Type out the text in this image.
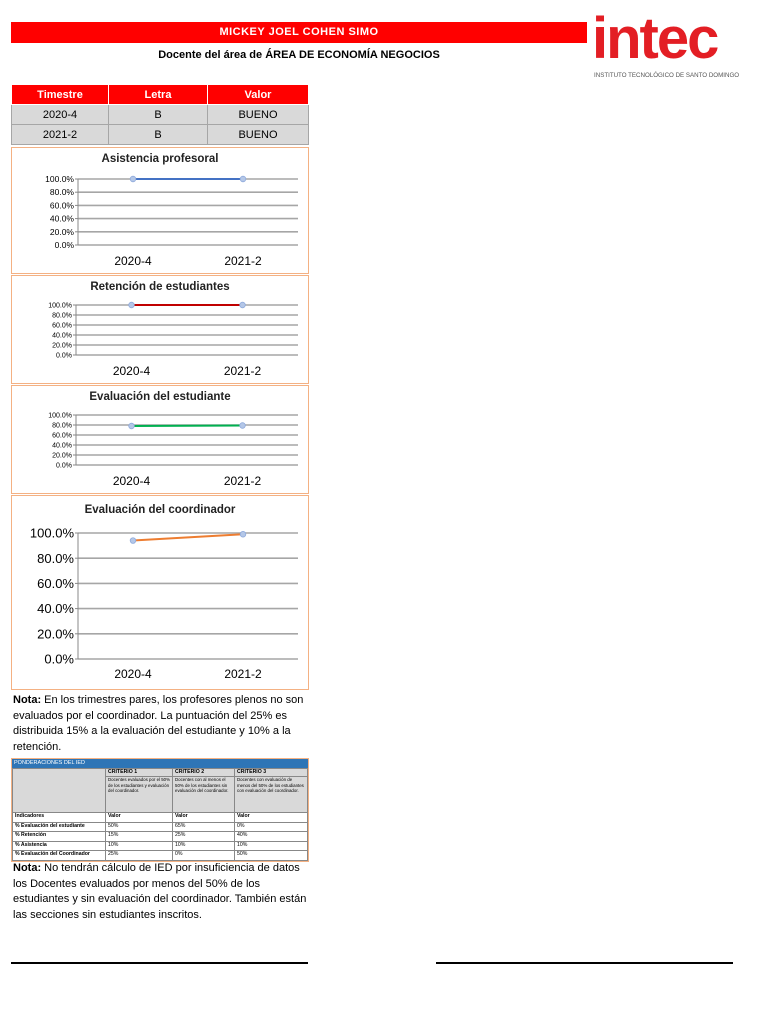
MICKEY JOEL COHEN SIMO
Docente del área de ÁREA DE ECONOMÍA NEGOCIOS	intec
INSTITUTO TECNOLÓGICO DE SANTO DOMINGO
Timestre	Letra	Valor
2020-4	B	BUENO
2021-2	B	BUENO
Asistencia profesoral
0.0%
20.0%
40.0%
60.0%
80.0%
100.0%
2020-4	2021-2
Retención de estudiantes
0.0%
20.0%
40.0%
60.0%
80.0%
100.0%
2020-4	2021-2
Evaluación del estudiante
0.0%
20.0%
40.0%
60.0%
80.0%
100.0%
2020-4	2021-2
Evaluación del coordinador
0.0%
20.0%
40.0%
60.0%
80.0%
100.0%
2020-4	2021-2
Nota: En los trimestres pares, los profesores plenos no son evaluados por el coordinador. La puntuación del 25% es distribuida 15% a la evaluación del estudiante y 10% a la retención.
PONDERACIONES DEL IED
	CRITERIO 1	CRITERIO 2	CRITERIO 3
	Docentes evaluados por el 50% de los estudiantes y evaluación del coordinador.	Docentes con al menos el 50% de los estudiantes sin evaluación del coordinador.	Docentes con evaluación de menos del 50% de los estudiantes con evaluación del coordinador.
Indicadores	Valor	Valor	Valor
% Evaluación del estudiante	50%	65%	0%
% Retención	15%	25%	40%
% Asistencia	10%	10%	10%
% Evaluación del Coordinador	25%	0%	50%
Nota: No tendrán cálculo de IED por insuficiencia de datos los Docentes evaluados por menos del 50% de los estudiantes y sin evaluación del coordinador. También están las secciones sin estudiantes inscritos.
